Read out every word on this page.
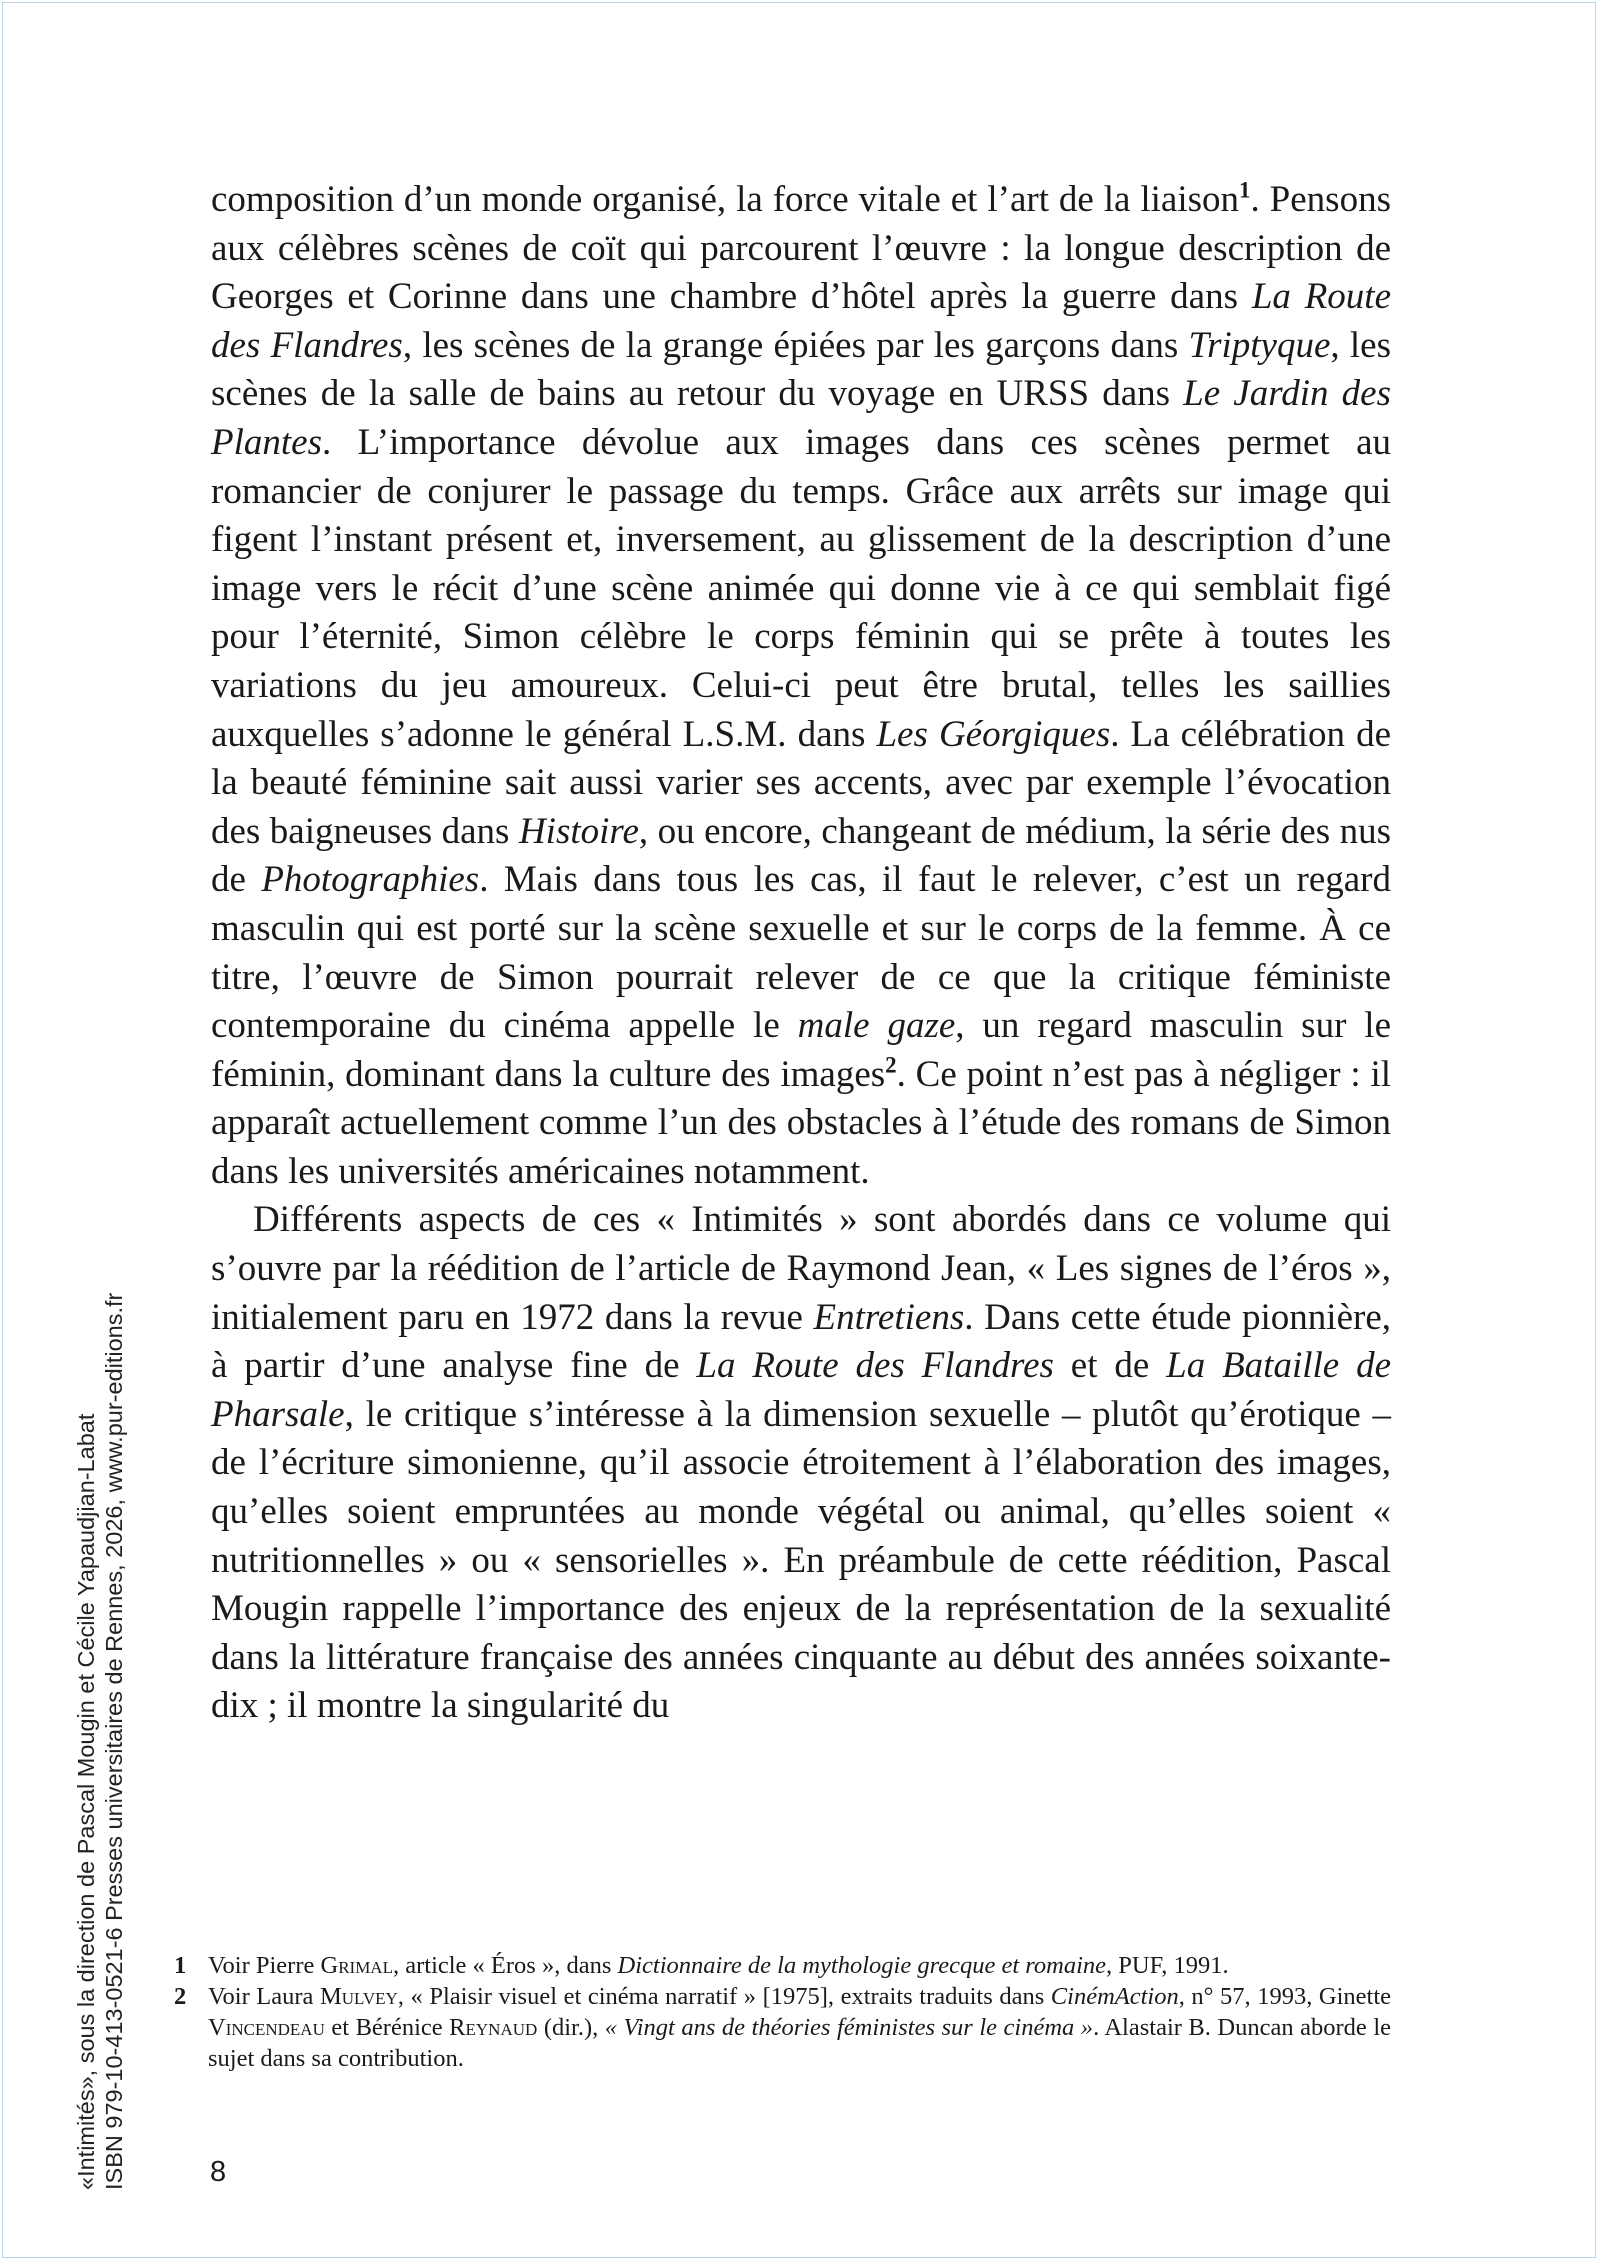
«Intimités», sous la direction de Pascal Mougin et Cécile Yapaudjian-Labat ISBN 979-10-413-0521-6 Presses universitaires de Rennes, 2026, www.pur-editions.fr

composition d’un monde organisé, la force vitale et l’art de la liaison$^1$. Pensons aux célèbres scènes de coït qui parcourent l’œuvre : la longue description de Georges et Corinne dans une chambre d’hôtel après la guerre dans La Route des Flandres, les scènes de la grange épiées par les garçons dans Triptyque, les scènes de la salle de bains au retour du voyage en URSS dans Le Jardin des Plantes. L’importance dévolue aux images dans ces scènes permet au romancier de conjurer le passage du temps. Grâce aux arrêts sur image qui figent l’instant présent et, inversement, au glissement de la description d’une image vers le récit d’une scène animée qui donne vie à ce qui semblait figé pour l’éternité, Simon célèbre le corps féminin qui se prête à toutes les variations du jeu amoureux. Celui-ci peut être brutal, telles les saillies auxquelles s’adonne le général L.S.M. dans Les Géorgiques. La célébration de la beauté féminine sait aussi varier ses accents, avec par exemple l’évocation des baigneuses dans Histoire, ou encore, changeant de médium, la série des nus de Photographies. Mais dans tous les cas, il faut le relever, c’est un regard masculin qui est porté sur la scène sexuelle et sur le corps de la femme. À ce titre, l’œuvre de Simon pourrait relever de ce que la critique féministe contemporaine du cinéma appelle le male gaze, un regard masculin sur le féminin, dominant dans la culture des images$^2$. Ce point n’est pas à négliger : il apparaît actuellement comme l’un des obstacles à l’étude des romans de Simon dans les universités américaines notamment.

Différents aspects de ces « Intimités » sont abordés dans ce volume qui s’ouvre par la réédition de l’article de Raymond Jean, « Les signes de l’éros », initialement paru en 1972 dans la revue Entretiens. Dans cette étude pionnière, à partir d’une analyse fine de La Route des Flandres et de La Bataille de Pharsale, le critique s’intéresse à la dimension sexuelle – plutôt qu’érotique – de l’écriture simonienne, qu’il associe étroitement à l’élaboration des images, qu’elles soient empruntées au monde végétal ou animal, qu’elles soient « nutritionnelles » ou « sensorielles ». En préambule de cette réédition, Pascal Mougin rappelle l’importance des enjeux de la représentation de la sexualité dans la littérature française des années cinquante au début des années soixante-dix ; il montre la singularité du

1 Voir Pierre Grimal, article « Éros », dans Dictionnaire de la mythologie grecque et romaine, PUF, 1991.
2 Voir Laura Mulvey, « Plaisir visuel et cinéma narratif » [1975], extraits traduits dans CinémAction, n° 57, 1993, Ginette Vincendeau et Bérénice Reynaud (dir.), « Vingt ans de théories féministes sur le cinéma ». Alastair B. Duncan aborde le sujet dans sa contribution.
8
